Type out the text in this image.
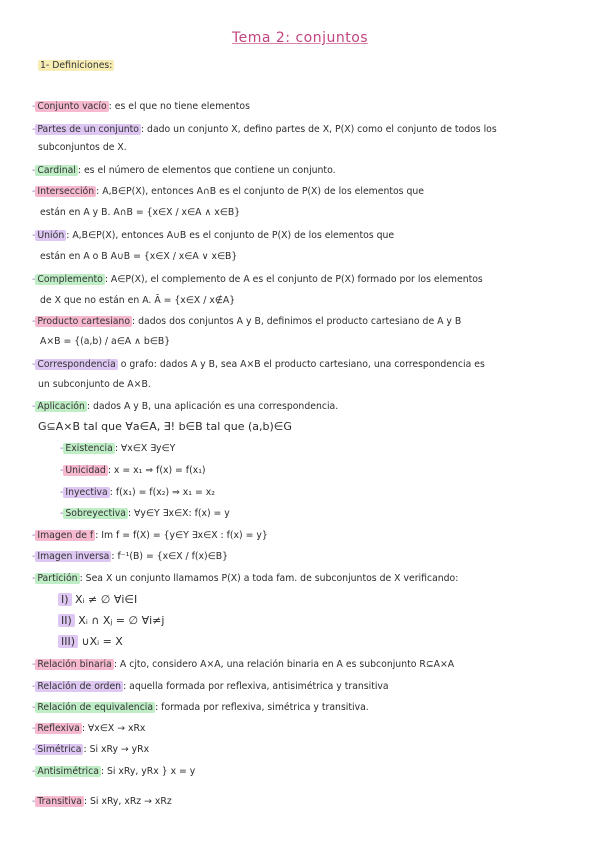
Tema 2: conjuntos
1- Definiciones:
- Conjunto vacío : es el que no tiene elementos
- Partes de un conjunto : dado un conjunto X, defino partes de X, P(X) como el conjunto de todos los
subconjuntos de X.
- Cardinal : es el número de elementos que contiene un conjunto.
- Intersección : A,B∈P(X), entonces A∩B es el conjunto de P(X) de los elementos que
están en A y B. A∩B = {x∈X / x∈A ∧ x∈B}
- Unión : A,B∈P(X), entonces A∪B es el conjunto de P(X) de los elementos que
están en A o B A∪B = {x∈X / x∈A ∨ x∈B}
- Complemento : A∈P(X), el complemento de A es el conjunto de P(X) formado por los elementos
de X que no están en A. Ā = {x∈X / x∉A}
- Producto cartesiano : dados dos conjuntos A y B, definimos el producto cartesiano de A y B
A×B = {(a,b) / a∈A ∧ b∈B}
- Correspondencia o grafo: dados A y B, sea A×B el producto cartesiano, una correspondencia es
un subconjunto de A×B.
- Aplicación : dados A y B, una aplicación es una correspondencia.
G⊆A×B tal que ∀a∈A, ∃! b∈B tal que (a,b)∈G
- Existencia : ∀x∈X ∃y∈Y
- Unicidad : x = x₁ ⇒ f(x) = f(x₁)
- Inyectiva : f(x₁) = f(x₂) ⇒ x₁ = x₂
- Sobreyectiva : ∀y∈Y ∃x∈X: f(x) = y
- Imagen de f : Im f = f(X) = {y∈Y ∃x∈X : f(x) = y}
- Imagen inversa : f⁻¹(B) = {x∈X / f(x)∈B}
- Partición : Sea X un conjunto llamamos P(X) a toda fam. de subconjuntos de X verificando:
I) Xᵢ ≠ ∅ ∀i∈I
II) Xᵢ ∩ Xⱼ = ∅ ∀i≠j
III) ∪Xᵢ = X
- Relación binaria : A cjto, considero A×A, una relación binaria en A es subconjunto R⊆A×A
- Relación de orden : aquella formada por reflexiva, antisimétrica y transitiva
- Relación de equivalencia : formada por reflexiva, simétrica y transitiva.
- Reflexiva : ∀x∈X → xRx
- Simétrica : Si xRy → yRx
- Antisimétrica : Si xRy, yRx } x = y
- Transitiva : Si xRy, xRz → xRz
